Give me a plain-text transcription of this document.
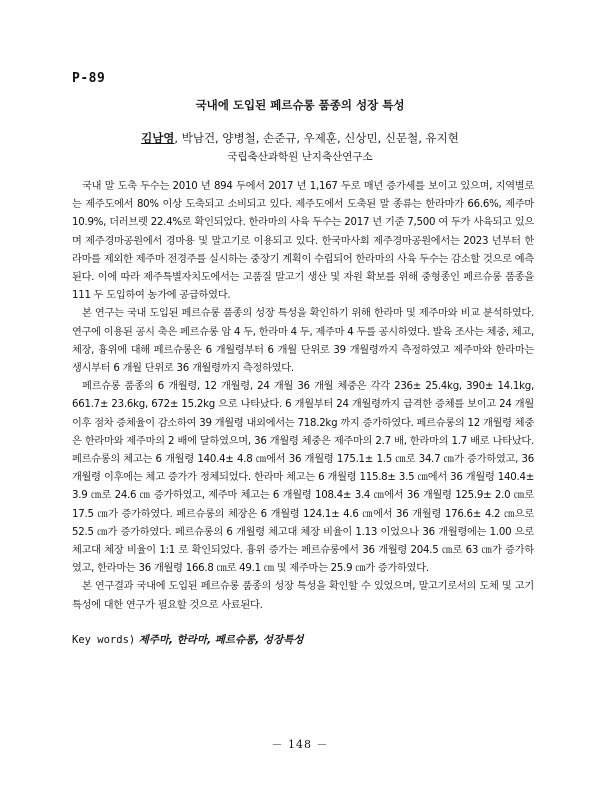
P-89
국내에 도입된 페르슈롱 품종의 성장 특성
김남영, 박남건, 양병철, 손준규, 우제훈, 신상민, 신문철, 유지현
국립축산과학원 난지축산연구소

국내 말 도축 두수는 2010 년 894 두에서 2017 년 1,167 두로 매년 증가세를 보이고 있으며, 지역별로는 제주도에서 80% 이상 도축되고 소비되고 있다. 제주도에서 도축된 말 종류는 한라마가 66.6%, 제주마 10.9%, 더러브렛 22.4%로 확인되었다. 한라마의 사육 두수는 2017 년 기준 7,500 여 두가 사육되고 있으며 제주경마공원에서 경마용 및 말고기로 이용되고 있다. 한국마사회 제주경마공원에서는 2023 년부터 한라마를 제외한 제주마 전경주를 실시하는 중장기 계획이 수립되어 한라마의 사육 두수는 감소할 것으로 예측된다. 이에 따라 제주특별자치도에서는 고품질 말고기 생산 및 자원 확보를 위해 중형종인 페르슈롱 품종을 111 두 도입하여 농가에 공급하였다.

본 연구는 국내 도입된 페르슈롱 품종의 성장 특성을 확인하기 위해 한라마 및 제주마와 비교 분석하였다. 연구에 이용된 공시 축은 페르슈롱 암 4 두, 한라마 4 두, 제주마 4 두를 공시하였다. 발육 조사는 체중, 체고, 체장, 흉위에 대해 페르슈롱은 6 개월령부터 6 개월 단위로 39 개월령까지 측정하였고 제주마와 한라마는 생시부터 6 개월 단위로 36 개월령까지 측정하였다.

페르슈롱 품종의 6 개월령, 12 개월령, 24 개월 36 개월 체중은 각각 236± 25.4kg, 390± 14.1kg, 661.7± 23.6kg, 672± 15.2kg 으로 나타났다. 6 개월부터 24 개월령까지 급격한 증체를 보이고 24 개월 이후 점차 증체율이 감소하여 39 개월령 내외에서는 718.2kg 까지 증가하였다. 페르슈롱의 12 개월령 체중은 한라마와 제주마의 2 배에 달하였으며, 36 개월령 체중은 제주마의 2.7 배, 한라마의 1.7 배로 나타났다. 페르슈롱의 체고는 6 개월령 140.4± 4.8 ㎝에서 36 개월령 175.1± 1.5 ㎝로 34.7 ㎝가 증가하였고, 36 개월령 이후에는 체고 증가가 정체되었다. 한라마 체고는 6 개월령 115.8± 3.5 ㎝에서 36 개월령 140.4± 3.9 ㎝로 24.6 ㎝ 증가하였고, 제주마 체고는 6 개월령 108.4± 3.4 ㎝에서 36 개월령 125.9± 2.0 ㎝로 17.5 ㎝가 증가하였다. 페르슈롱의 체장은 6 개월령 124.1± 4.6 ㎝에서 36 개월령 176.6± 4.2 ㎝으로 52.5 ㎝가 증가하였다. 페르슈롱의 6 개월령 체고대 체장 비율이 1.13 이었으나 36 개월령에는 1.00 으로 체고대 체장 비율이 1:1 로 확인되었다. 흉위 증가는 페르슈롱에서 36 개월령 204.5 ㎝로 63 ㎝가 증가하였고, 한라마는 36 개월령 166.8 ㎝로 49.1 ㎝ 및 제주마는 25.9 ㎝가 증가하였다.

본 연구결과 국내에 도입된 페르슈롱 품종의 성장 특성을 확인할 수 있었으며, 말고기로서의 도체 및 고기 특성에 대한 연구가 필요할 것으로 사료된다.

Key words) 제주마, 한라마, 페르슈롱, 성장특성
－ 148 －
